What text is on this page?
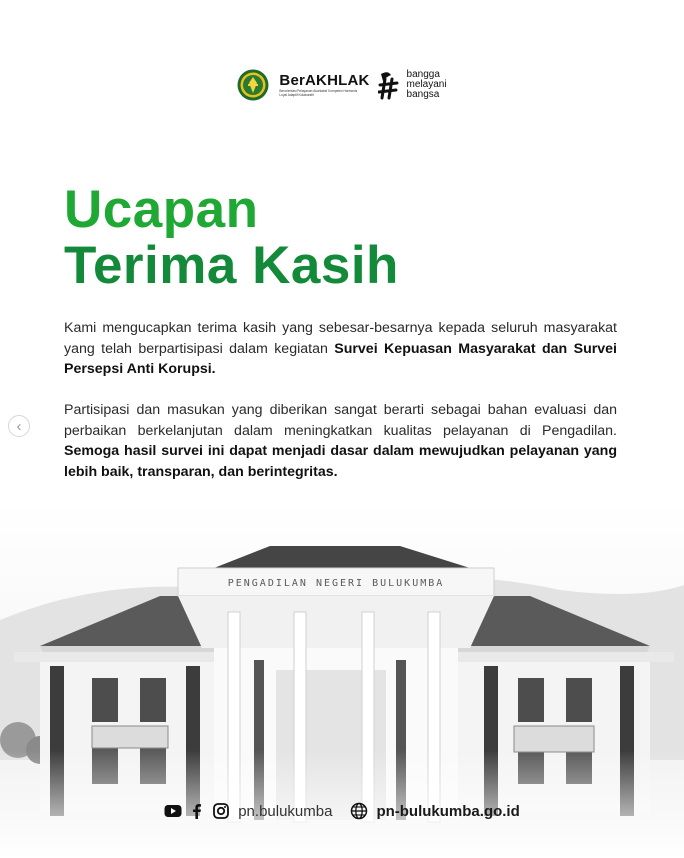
BerAKHLAK
Berorientasi Pelayanan Akuntabel Kompeten Harmonis Loyal Adaptif Kolaboratif
bangga
melayani
bangsa
Ucapan
Terima Kasih
Kami mengucapkan terima kasih yang sebesar-besarnya kepada seluruh masyarakat yang telah berpartisipasi dalam kegiatan Survei Kepuasan Masyarakat dan Survei Persepsi Anti Korupsi.
Partisipasi dan masukan yang diberikan sangat berarti sebagai bahan evaluasi dan perbaikan berkelanjutan dalam meningkatkan kualitas pelayanan di Pengadilan. Semoga hasil survei ini dapat menjadi dasar dalam mewujudkan pelayanan yang lebih baik, transparan, dan berintegritas.
‹
PENGADILAN NEGERI BULUKUMBA
pn.bulukumba	pn-bulukumba.go.id
